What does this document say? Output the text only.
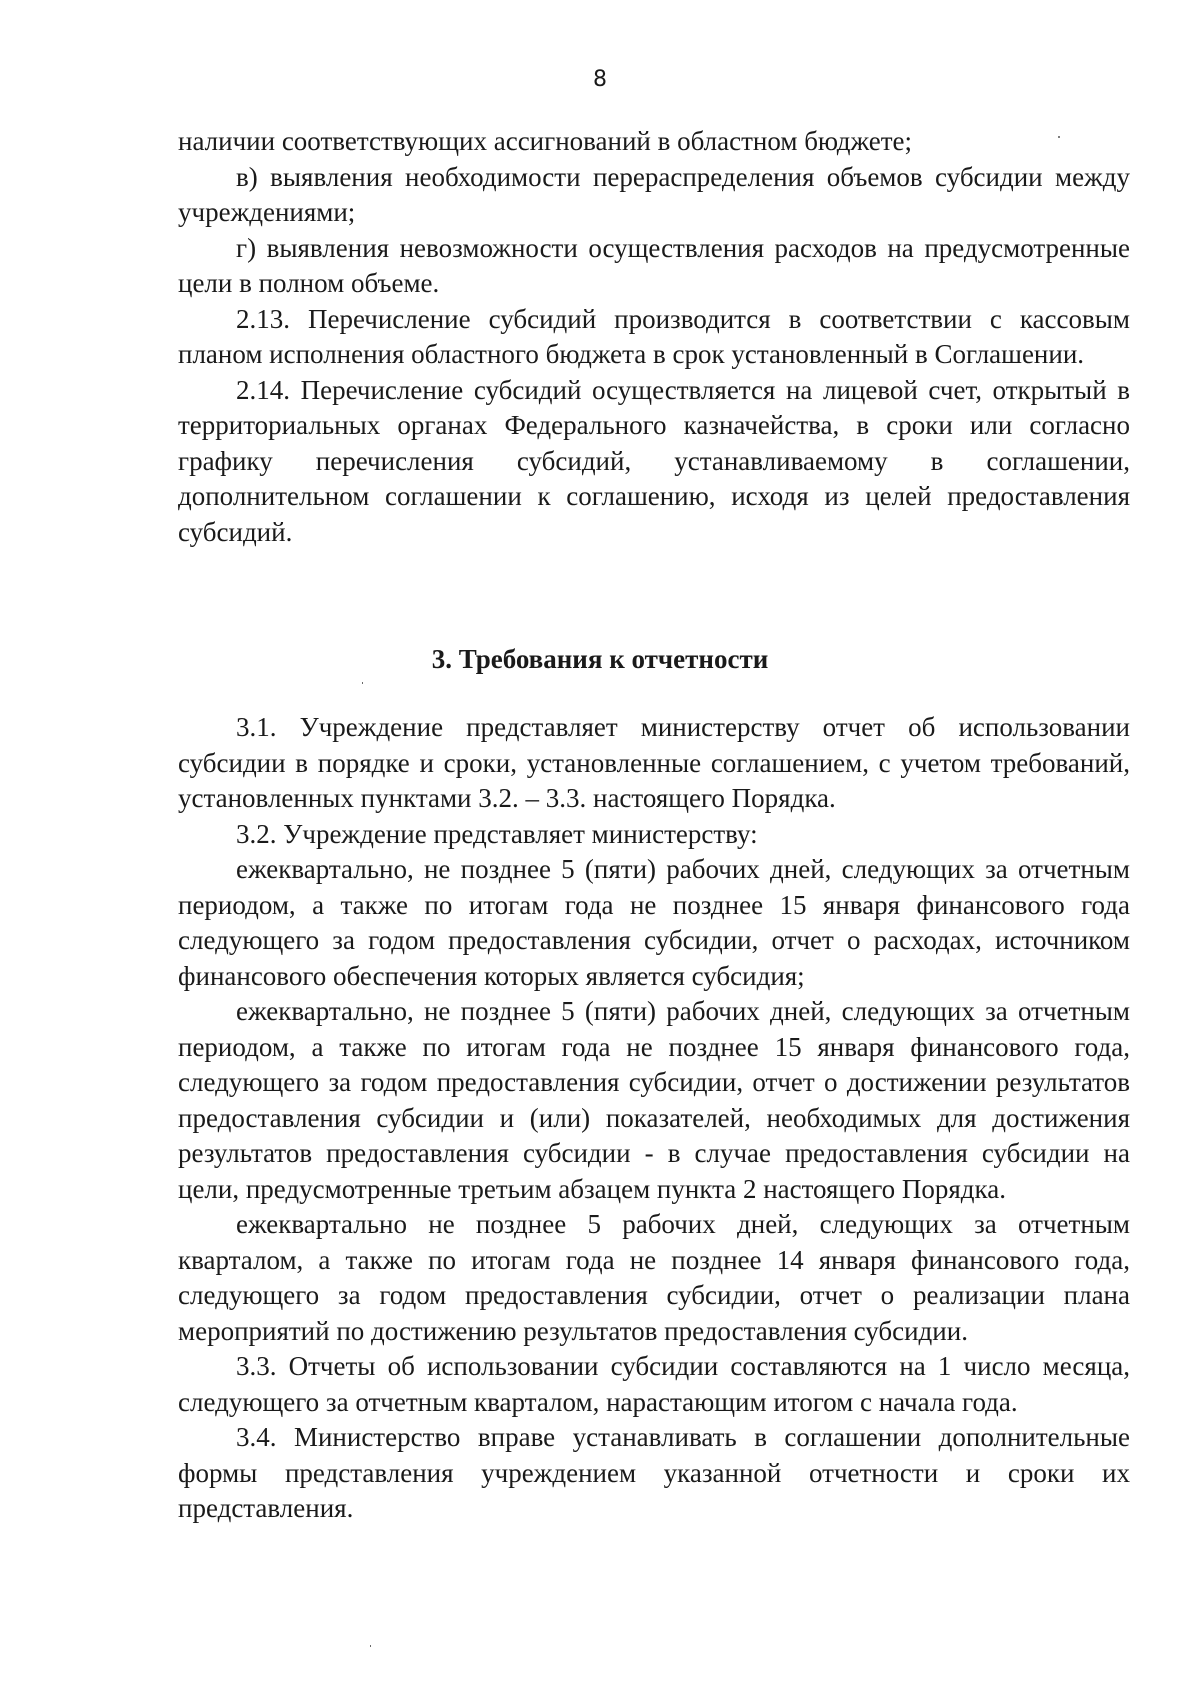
8

наличии соответствующих ассигнований в областном бюджете;

в) выявления необходимости перераспределения объемов субсидии между учреждениями;

г) выявления невозможности осуществления расходов на предусмотренные цели в полном объеме.

2.13. Перечисление субсидий производится в соответствии с кассовым планом исполнения областного бюджета в срок установленный в Соглашении.

2.14. Перечисление субсидий осуществляется на лицевой счет, открытый в территориальных органах Федерального казначейства, в сроки или согласно графику перечисления субсидий, устанавливаемому в соглашении, дополнительном соглашении к соглашению, исходя из целей предоставления субсидий.

3. Требования к отчетности

3.1. Учреждение представляет министерству отчет об использовании субсидии в порядке и сроки, установленные соглашением, с учетом требований, установленных пунктами 3.2. – 3.3. настоящего Порядка.

3.2. Учреждение представляет министерству:

ежеквартально, не позднее 5 (пяти) рабочих дней, следующих за отчетным периодом, а также по итогам года не позднее 15 января финансового года следующего за годом предоставления субсидии, отчет о расходах, источником финансового обеспечения которых является субсидия;

ежеквартально, не позднее 5 (пяти) рабочих дней, следующих за отчетным периодом, а также по итогам года не позднее 15 января финансового года, следующего за годом предоставления субсидии, отчет о достижении результатов предоставления субсидии и (или) показателей, необходимых для достижения результатов предоставления субсидии - в случае предоставления субсидии на цели, предусмотренные третьим абзацем пункта 2 настоящего Порядка.

ежеквартально не позднее 5 рабочих дней, следующих за отчетным кварталом, а также по итогам года не позднее 14 января финансового года, следующего за годом предоставления субсидии, отчет о реализации плана мероприятий по достижению результатов предоставления субсидии.

3.3. Отчеты об использовании субсидии составляются на 1 число месяца, следующего за отчетным кварталом, нарастающим итогом с начала года.

3.4. Министерство вправе устанавливать в соглашении дополнительные формы представления учреждением указанной отчетности и сроки их представления.
